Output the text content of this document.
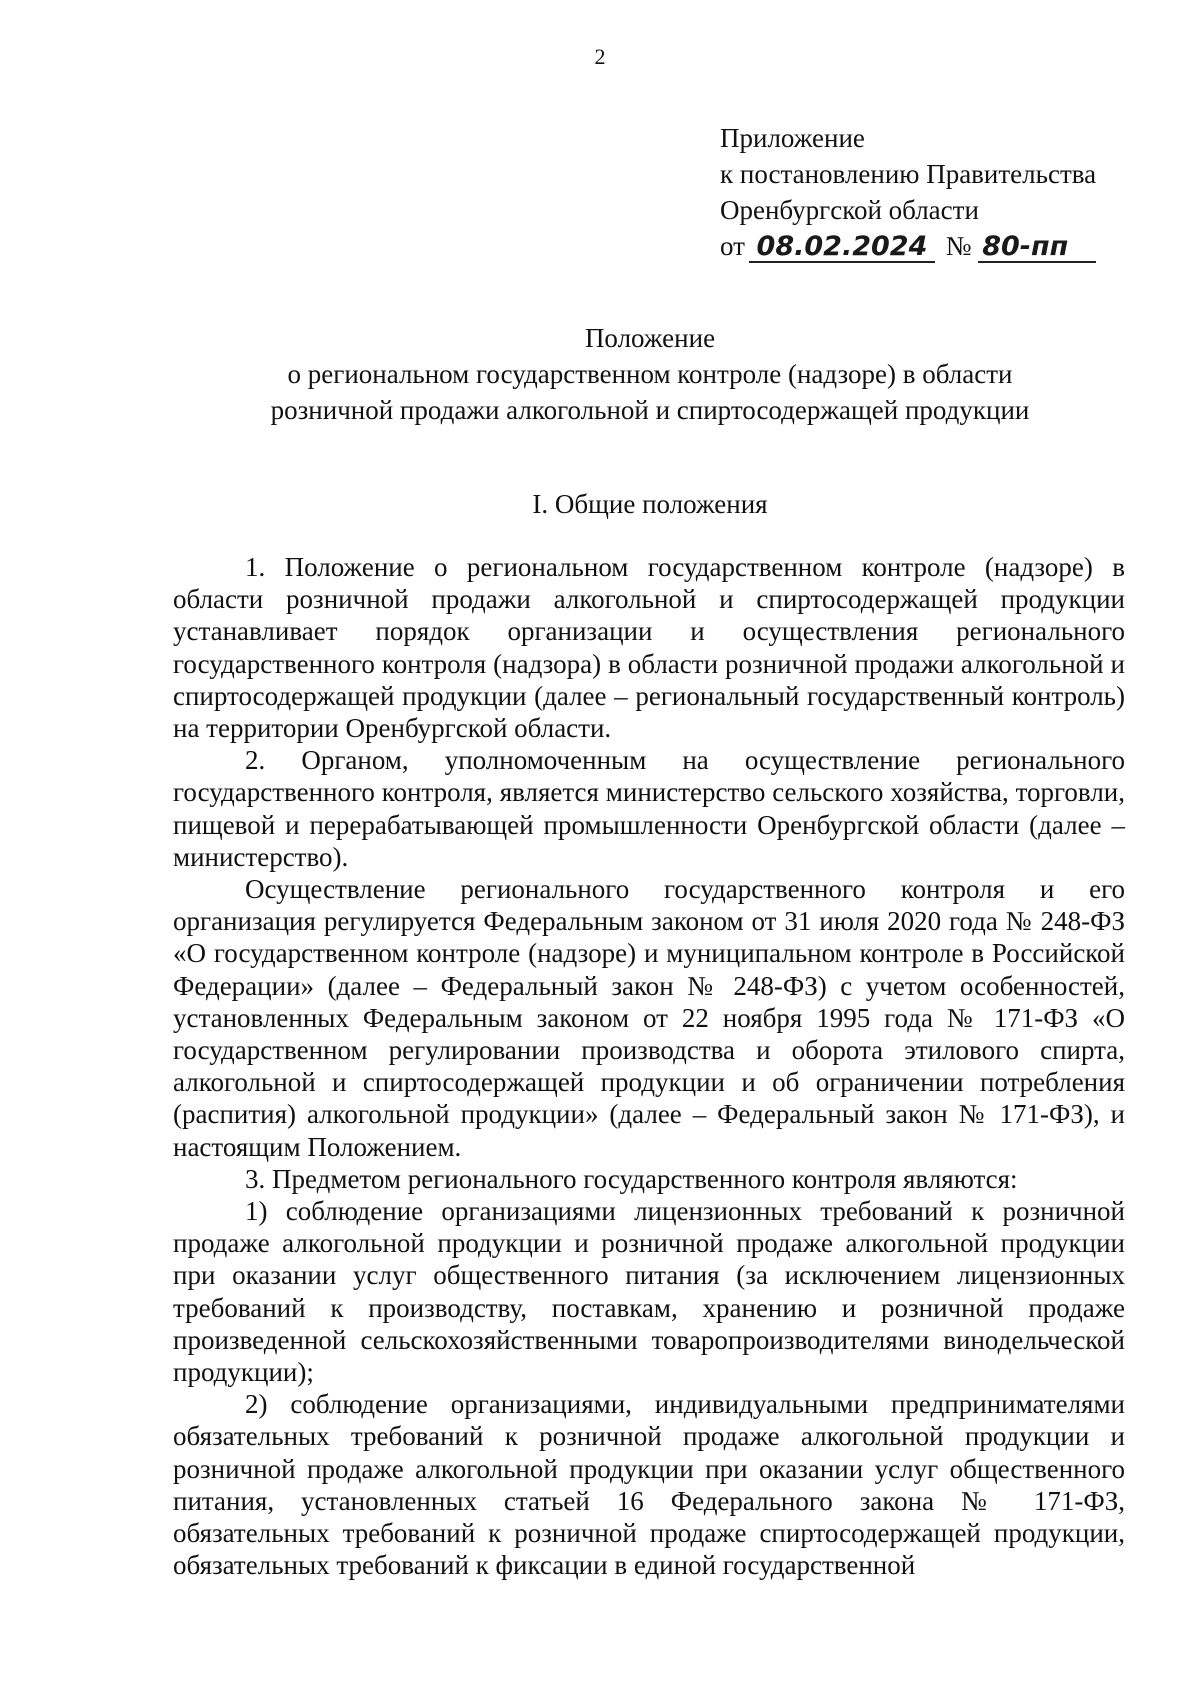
2
Приложение
к постановлению Правительства
Оренбургской области
от 08.02.2024 № 80-пп
Положение
о региональном государственном контроле (надзоре) в области
розничной продажи алкогольной и спиртосодержащей продукции
I. Общие положения

1. Положение о региональном государственном контроле (надзоре) в области розничной продажи алкогольной и спиртосодержащей продукции устанавливает порядок организации и осуществления регионального государственного контроля (надзора) в области розничной продажи алкогольной и спиртосодержащей продукции (далее – региональный государственный контроль) на территории Оренбургской области.

2. Органом, уполномоченным на осуществление регионального государственного контроля, является министерство сельского хозяйства, торговли, пищевой и перерабатывающей промышленности Оренбургской области (далее – министерство).

Осуществление регионального государственного контроля и его организация регулируется Федеральным законом от 31 июля 2020 года № 248-ФЗ «О государственном контроле (надзоре) и муниципальном контроле в Российской Федерации» (далее – Федеральный закон № 248-ФЗ) с учетом особенностей, установленных Федеральным законом от 22 ноября 1995 года № 171-ФЗ «О государственном регулировании производства и оборота этилового спирта, алкогольной и спиртосодержащей продукции и об ограничении потребления (распития) алкогольной продукции» (далее – Федеральный закон № 171-ФЗ), и настоящим Положением.

3. Предметом регионального государственного контроля являются:

1) соблюдение организациями лицензионных требований к розничной продаже алкогольной продукции и розничной продаже алкогольной продукции при оказании услуг общественного питания (за исключением лицензионных требований к производству, поставкам, хранению и розничной продаже произведенной сельскохозяйственными товаропроизводителями винодельческой продукции);

2) соблюдение организациями, индивидуальными предпринимателями обязательных требований к розничной продаже алкогольной продукции и розничной продаже алкогольной продукции при оказании услуг общественного питания, установленных статьей 16 Федерального закона № 171-ФЗ, обязательных требований к розничной продаже спиртосодержащей продукции, обязательных требований к фиксации в единой государственной
